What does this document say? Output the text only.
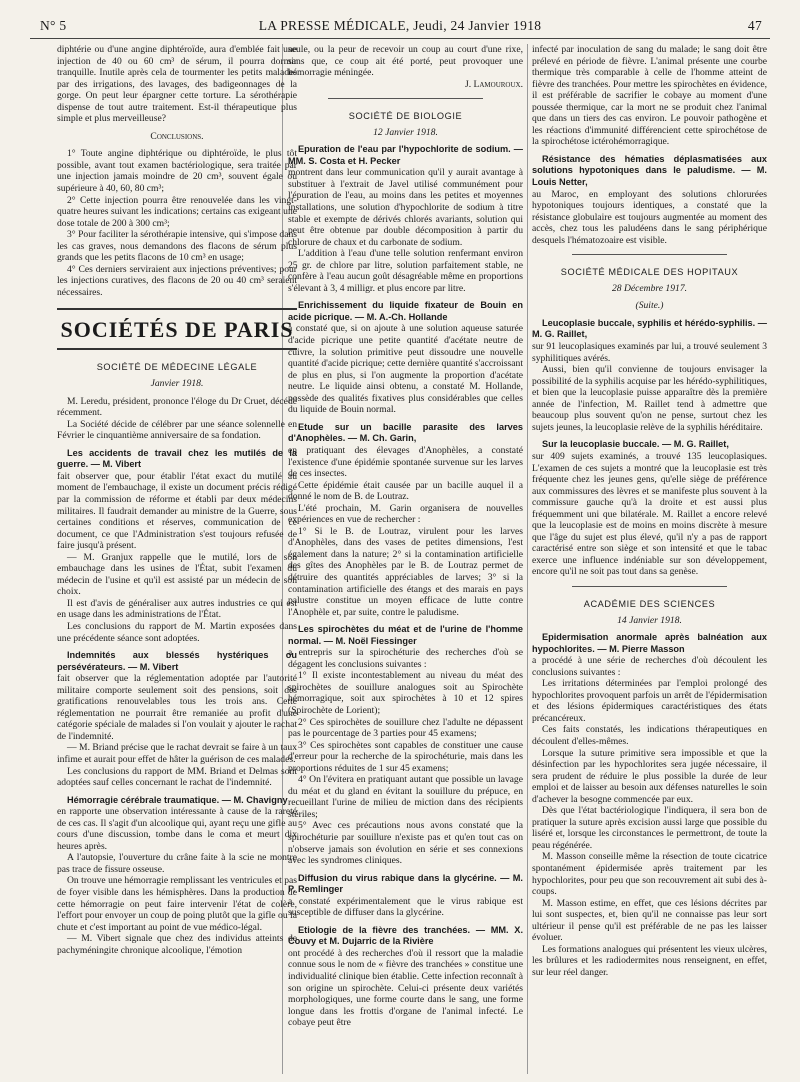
N° 5	LA PRESSE MÉDICALE, Jeudi, 24 Janvier 1918	47

diphtérie ou d'une angine diphtéroïde, aura d'emblée fait une injection de 40 ou 60 cm³ de sérum, il pourra dormir tranquille. Inutile après cela de tourmenter les petits malades par des irrigations, des lavages, des badigeonnages de la gorge. On peut leur épargner cette torture. La sérothérapie dispense de tout autre traitement. Est-il thérapeutique plus simple et plus merveilleuse?

Conclusions.

1° Toute angine diphtérique ou diphtéroïde, le plus tôt possible, avant tout examen bactériologique, sera traitée par une injection jamais moindre de 20 cm³, souvent égale ou supérieure à 40, 60, 80 cm³;

2° Cette injection pourra être renouvelée dans les vingt-quatre heures suivant les indications; certains cas exigeant une dose totale de 200 à 300 cm³;

3° Pour faciliter la sérothérapie intensive, qui s'impose dans les cas graves, nous demandons des flacons de sérum plus grands que les petits flacons de 10 cm³ en usage;

4° Ces derniers serviraient aux injections préventives; pour les injections curatives, des flacons de 20 ou 40 cm³ seraient nécessaires.

SOCIÉTÉS DE PARIS

SOCIÉTÉ DE MÉDECINE LÉGALE

Janvier 1918.

M. Leredu, président, prononce l'éloge du Dr Cruet, décédé récemment.

La Société décide de célébrer par une séance solennelle en Février le cinquantième anniversaire de sa fondation.

Les accidents de travail chez les mutilés de la guerre. — M. Vibert

fait observer que, pour établir l'état exact du mutilé au moment de l'embauchage, il existe un document précis rédigé par la commission de réforme et établi par deux médecins militaires. Il faudrait demander au ministre de la Guerre, sous certaines conditions et réserves, communication de ce document, ce que l'Administration s'est toujours refusée de faire jusqu'à présent.

— M. Granjux rappelle que le mutilé, lors de son embauchage dans les usines de l'État, subit l'examen du médecin de l'usine et qu'il est assisté par un médecin de son choix.

Il est d'avis de généraliser aux autres industries ce qui est en usage dans les administrations de l'État.

Les conclusions du rapport de M. Martin exposées dans une précédente séance sont adoptées.

Indemnités aux blessés hystériques ou persévérateurs. — M. Vibert

fait observer que la réglementation adoptée par l'autorité militaire comporte seulement soit des pensions, soit des gratifications renouvelables tous les trois ans. Cette réglementation ne pourrait être remaniée au profit d'une catégorie spéciale de malades si l'on voulait y ajouter le rachat de l'indemnité.

— M. Briand précise que le rachat devrait se faire à un taux infime et aurait pour effet de hâter la guérison de ces malades.

Les conclusions du rapport de MM. Briand et Delmas sont adoptées sauf celles concernant le rachat de l'indemnité.

Hémorragie cérébrale traumatique. — M. Chavigny

en rapporte une observation intéressante à cause de la rareté de ces cas. Il s'agit d'un alcoolique qui, ayant reçu une gifle au cours d'une discussion, tombe dans le coma et meurt dix heures après.

A l'autopsie, l'ouverture du crâne faite à la scie ne montre pas trace de fissure osseuse.

On trouve une hémorragie remplissant les ventricules et pas de foyer visible dans les hémisphères. Dans la production de cette hémorragie on peut faire intervenir l'état de colère, l'effort pour envoyer un coup de poing plutôt que la gifle ou la chute et c'est important au point de vue médico-légal.

— M. Vibert signale que chez des individus atteints de pachyméningite chronique alcoolique, l'émotion

seule, ou la peur de recevoir un coup au court d'une rixe, sans que, ce coup ait été porté, peut provoquer une hémorragie méningée.

J. Lamouroux.

SOCIÉTÉ DE BIOLOGIE

12 Janvier 1918.

Epuration de l'eau par l'hypochlorite de sodium. — MM. S. Costa et H. Pecker

montrent dans leur communication qu'il y aurait avantage à substituer à l'extrait de Javel utilisé communément pour l'épuration de l'eau, au moins dans les petites et moyennes installations, une solution d'hypochlorite de sodium à titre stable et exempte de dérivés chlorés avariants, solution qui peut être obtenue par double décomposition à partir du chlorure de chaux et du carbonate de sodium.

L'addition à l'eau d'une telle solution renfermant environ 25 gr. de chlore par litre, solution parfaitement stable, ne confère à l'eau aucun goût désagréable même en proportions s'élevant à 3, 4 milligr. et plus encore par litre.

Enrichissement du liquide fixateur de Bouin en acide picrique. — M. A.-Ch. Hollande

a constaté que, si on ajoute à une solution aqueuse saturée d'acide picrique une petite quantité d'acétate neutre de cuivre, la solution primitive peut dissoudre une nouvelle quantité d'acide picrique; cette dernière quantité s'accroissant de plus en plus, si l'on augmente la proportion d'acétate neutre. Le liquide ainsi obtenu, a constaté M. Hollande, possède des qualités fixatives plus considérables que celles du liquide de Bouin normal.

Etude sur un bacille parasite des larves d'Anophèles. — M. Ch. Garin,

en pratiquant des élevages d'Anophèles, a constaté l'existence d'une épidémie spontanée survenue sur les larves de ces insectes.

Cette épidémie était causée par un bacille auquel il a donné le nom de B. de Loutraz.

L'été prochain, M. Garin organisera de nouvelles expériences en vue de rechercher :

1° Si le B. de Loutraz, virulent pour les larves d'Anophèles, dans des vases de petites dimensions, l'est également dans la nature; 2° si la contamination artificielle des gîtes des Anophèles par le B. de Loutraz permet de détruire des quantités appréciables de larves; 3° si la contamination artificielle des étangs et des marais en pays palustre constitue un moyen efficace de lutte contre l'Anophèle et, par suite, contre le paludisme.

Les spirochètes du méat et de l'urine de l'homme normal. — M. Noël Fiessinger

a entrepris sur la spirochéturie des recherches d'où se dégagent les conclusions suivantes :

1° Il existe incontestablement au niveau du méat des spirochètes de souillure analogues soit au Spirochète hémorragique, soit aux spirochètes à 10 et 12 spires (Spirochète de Lorient);

2° Ces spirochètes de souillure chez l'adulte ne dépassent pas le pourcentage de 3 parties pour 45 examens;

3° Ces spirochètes sont capables de constituer une cause d'erreur pour la recherche de la spirochéturie, mais dans les proportions réduites de 1 sur 45 examens;

4° On l'évitera en pratiquant autant que possible un lavage du méat et du gland en évitant la souillure du prépuce, en recueillant l'urine de milieu de miction dans des récipients stériles;

5° Avec ces précautions nous avons constaté que la spirochéturie par souillure n'existe pas et qu'en tout cas on n'observe jamais son évolution en série et ses connexions avec les syndromes cliniques.

Diffusion du virus rabique dans la glycérine. — M. P. Remlinger

a constaté expérimentalement que le virus rabique est susceptible de diffuser dans la glycérine.

Etiologie de la fièvre des tranchées. — MM. X. Couvy et M. Dujarric de la Rivière

ont procédé à des recherches d'où il ressort que la maladie connue sous le nom de « fièvre des tranchées » constitue une individualité clinique bien établie. Cette infection reconnaît à son origine un spirochète. Celui-ci présente deux variétés morphologiques, une forme courte dans le sang, une forme longue dans les frottis d'organe de l'animal infecté. Le cobaye peut être

infecté par inoculation de sang du malade; le sang doit être prélevé en période de fièvre. L'animal présente une courbe thermique très comparable à celle de l'homme atteint de fièvre des tranchées. Pour mettre les spirochètes en évidence, il est préférable de sacrifier le cobaye au moment d'une poussée thermique, car la mort ne se produit chez l'animal que dans un tiers des cas environ. Le pouvoir pathogène et les réactions d'immunité différencient cette spirochétose de la spirochétose ictérohémorragique.

Résistance des hématies déplasmatisées aux solutions hypotoniques dans le paludisme. — M. Louis Netter,

au Maroc, en employant des solutions chlorurées hypotoniques toujours identiques, a constaté que la résistance globulaire est toujours augmentée au moment des accès, chez tous les paludéens dans le sang périphérique desquels l'hématozoaire est visible.

SOCIÉTÉ MÉDICALE DES HOPITAUX

28 Décembre 1917.

(Suite.)

Leucoplasie buccale, syphilis et hérédo-syphilis. — M. G. Raillet,

sur 91 leucoplasiques examinés par lui, a trouvé seulement 3 syphilitiques avérés.

Aussi, bien qu'il convienne de toujours envisager la possibilité de la syphilis acquise par les hérédo-syphilitiques, et bien que la leucoplasie puisse apparaître dès la première année de l'infection, M. Raillet tend à admettre que beaucoup plus souvent qu'on ne pense, surtout chez les sujets jeunes, la leucoplasie relève de la syphilis héréditaire.

Sur la leucoplasie buccale. — M. G. Raillet,

sur 409 sujets examinés, a trouvé 135 leucoplasiques. L'examen de ces sujets a montré que la leucoplasie est très fréquente chez les jeunes gens, qu'elle siège de préférence aux commissures des lèvres et se manifeste plus souvent à la commissure gauche qu'à la droite et est aussi plus fréquemment uni que bilatérale. M. Raillet a encore relevé que la leucoplasie est de moins en moins discrète à mesure que l'âge du sujet est plus élevé, qu'il n'y a pas de rapport caractérisé entre son siège et son intensité et que le tabac exerce une influence indéniable sur son développement, encore qu'il ne soit pas tout dans sa genèse.

ACADÉMIE DES SCIENCES

14 Janvier 1918.

Epidermisation anormale après balnéation aux hypochlorites. — M. Pierre Masson

a procédé à une série de recherches d'où découlent les conclusions suivantes :

Les irritations déterminées par l'emploi prolongé des hypochlorites provoquent parfois un arrêt de l'épidermisation et des lésions épidermiques caractéristiques des états précancéreux.

Ces faits constatés, les indications thérapeutiques en découlent d'elles-mêmes.

Lorsque la suture primitive sera impossible et que la désinfection par les hypochlorites sera jugée nécessaire, il sera prudent de réduire le plus possible la durée de leur emploi et de laisser au besoin aux défenses naturelles le soin d'achever la besogne commencée par eux.

Dès que l'état bactériologique l'indiquera, il sera bon de pratiquer la suture après excision aussi large que possible du liséré et, lorsque les circonstances le permettront, de toute la peau régénérée.

M. Masson conseille même la résection de toute cicatrice spontanément épidermisée après traitement par les hypochlorites, pour peu que son recouvrement ait subi des à-coups.

M. Masson estime, en effet, que ces lésions décrites par lui sont suspectes, et, bien qu'il ne connaisse pas leur sort ultérieur il pense qu'il est préférable de ne pas les laisser évoluer.

Les formations analogues qui présentent les vieux ulcères, les brûlures et les radiodermites nous renseignent, en effet, sur leur réel danger.
